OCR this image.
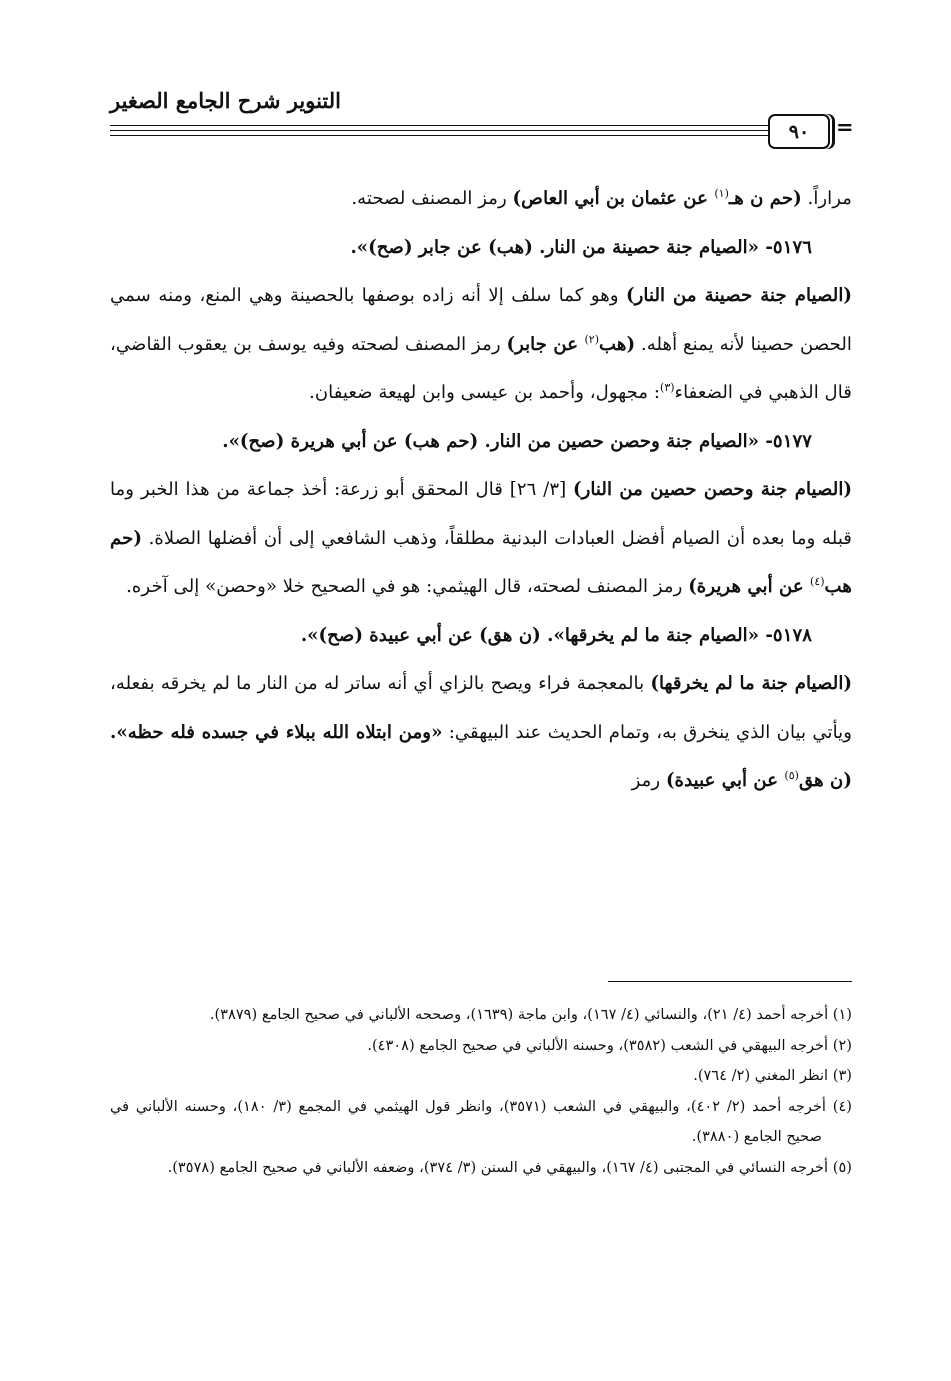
التنوير شرح الجامع الصغير
٩٠ =

مراراً. (حم ن هـ$^{(١)}$ عن عثمان بن أبي العاص) رمز المصنف لصحته.

٥١٧٦- «الصيام جنة حصينة من النار. (هب) عن جابر (صح)».

(الصيام جنة حصينة من النار) وهو كما سلف إلا أنه زاده بوصفها بالحصينة وهي المنع، ومنه سمي الحصن حصينا لأنه يمنع أهله. (هب$^{(٢)}$ عن جابر) رمز المصنف لصحته وفيه يوسف بن يعقوب القاضي، قال الذهبي في الضعفاء$^{(٣)}$: مجهول، وأحمد بن عيسى وابن لهيعة ضعيفان.

٥١٧٧- «الصيام جنة وحصن حصين من النار. (حم هب) عن أبي هريرة (صح)».

(الصيام جنة وحصن حصين من النار) [٣/ ٢٦] قال المحقق أبو زرعة: أخذ جماعة من هذا الخبر وما قبله وما بعده أن الصيام أفضل العبادات البدنية مطلقاً، وذهب الشافعي إلى أن أفضلها الصلاة. (حم هب$^{(٤)}$ عن أبي هريرة) رمز المصنف لصحته، قال الهيثمي: هو في الصحيح خلا «وحصن» إلى آخره.

٥١٧٨- «الصيام جنة ما لم يخرقها». (ن هق) عن أبي عبيدة (صح)».

(الصيام جنة ما لم يخرقها) بالمعجمة فراء ويصح بالزاي أي أنه ساتر له من النار ما لم يخرقه بفعله، ويأتي بيان الذي ينخرق به، وتمام الحديث عند البيهقي: «ومن ابتلاه الله ببلاء في جسده فله حظه». (ن هق$^{(٥)}$ عن أبي عبيدة) رمز

(١) أخرجه أحمد (٤/ ٢١)، والنسائي (٤/ ١٦٧)، وابن ماجة (١٦٣٩)، وصححه الألباني في صحيح الجامع (٣٨٧٩).

(٢) أخرجه البيهقي في الشعب (٣٥٨٢)، وحسنه الألباني في صحيح الجامع (٤٣٠٨).

(٣) انظر المغني (٢/ ٧٦٤).

(٤) أخرجه أحمد (٢/ ٤٠٢)، والبيهقي في الشعب (٣٥٧١)، وانظر قول الهيثمي في المجمع (٣/ ١٨٠)، وحسنه الألباني في صحيح الجامع (٣٨٨٠).

(٥) أخرجه النسائي في المجتبى (٤/ ١٦٧)، والبيهقي في السنن (٣/ ٣٧٤)، وضعفه الألباني في صحيح الجامع (٣٥٧٨).
